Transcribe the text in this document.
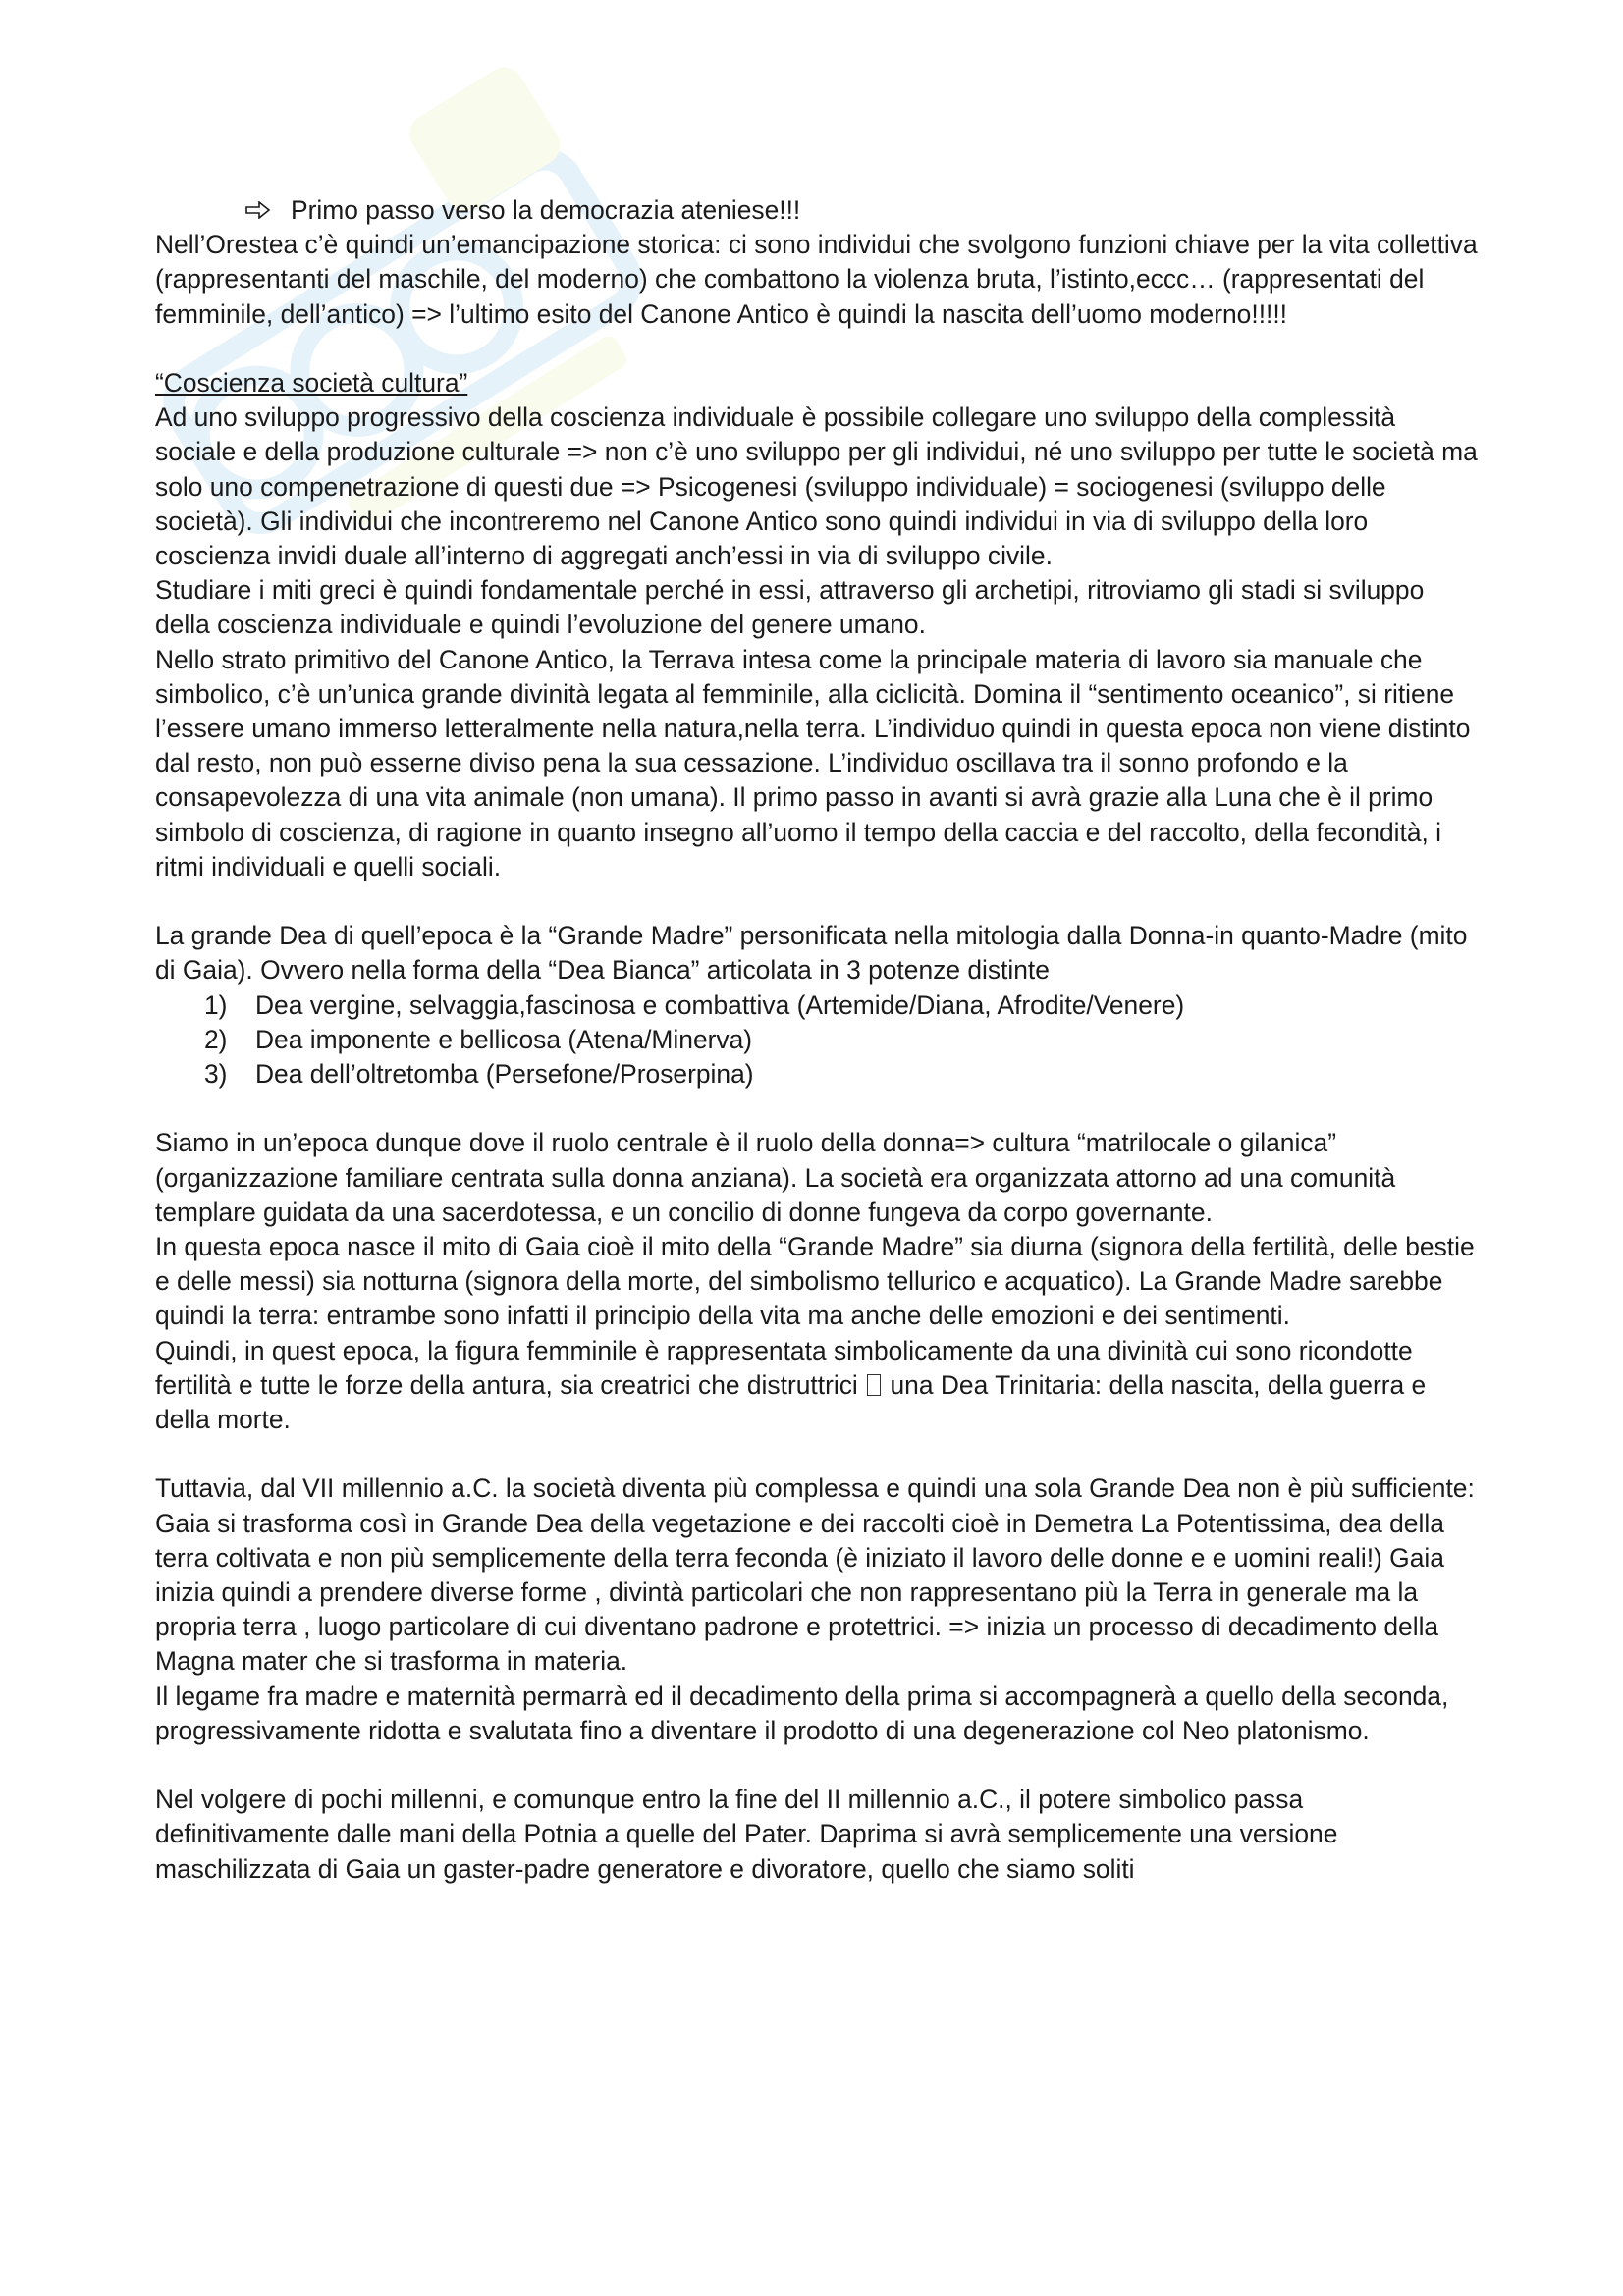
Primo passo verso la democrazia ateniese!!!

Nell’Orestea c’è quindi un’emancipazione storica: ci sono individui che svolgono funzioni chiave per la vita collettiva (rappresentanti del maschile, del moderno) che combattono la violenza bruta, l’istinto,eccc… (rappresentati del femminile, dell’antico) => l’ultimo esito del Canone Antico è quindi la nascita dell’uomo moderno!!!!!

“Coscienza società cultura”

Ad uno sviluppo progressivo della coscienza individuale è possibile collegare uno sviluppo della complessità sociale e della produzione culturale => non c’è uno sviluppo per gli individui, né uno sviluppo per tutte le società ma solo uno compenetrazione di questi due => Psicogenesi (sviluppo individuale) = sociogenesi (sviluppo delle società). Gli individui che incontreremo nel Canone Antico sono quindi individui in via di sviluppo della loro coscienza invidi duale all’interno di aggregati anch’essi in via di sviluppo civile.

Studiare i miti greci è quindi fondamentale perché in essi, attraverso gli archetipi, ritroviamo gli stadi si sviluppo della coscienza individuale e quindi l’evoluzione del genere umano.

Nello strato primitivo del Canone Antico, la Terrava intesa come la principale materia di lavoro sia manuale che simbolico, c’è un’unica grande divinità legata al femminile, alla ciclicità. Domina il “sentimento oceanico”, si ritiene l’essere umano immerso letteralmente nella natura,nella terra. L’individuo quindi in questa epoca non viene distinto dal resto, non può esserne diviso pena la sua cessazione. L’individuo oscillava tra il sonno profondo e la consapevolezza di una vita animale (non umana). Il primo passo in avanti si avrà grazie alla Luna che è il primo simbolo di coscienza, di ragione in quanto insegno all’uomo il tempo della caccia e del raccolto, della fecondità, i ritmi individuali e quelli sociali.

La grande Dea di quell’epoca è la “Grande Madre” personificata nella mitologia dalla Donna-in quanto-Madre (mito di Gaia). Ovvero nella forma della “Dea Bianca” articolata in 3 potenze distinte

1) Dea vergine, selvaggia,fascinosa e combattiva (Artemide/Diana, Afrodite/Venere)
2) Dea imponente e bellicosa (Atena/Minerva)
3) Dea dell’oltretomba (Persefone/Proserpina)

Siamo in un’epoca dunque dove il ruolo centrale è il ruolo della donna=> cultura “matrilocale o gilanica” (organizzazione familiare centrata sulla donna anziana). La società era organizzata attorno ad una comunità templare guidata da una sacerdotessa, e un concilio di donne fungeva da corpo governante.

In questa epoca nasce il mito di Gaia cioè il mito della “Grande Madre” sia diurna (signora della fertilità, delle bestie e delle messi) sia notturna (signora della morte, del simbolismo tellurico e acquatico). La Grande Madre sarebbe quindi la terra: entrambe sono infatti il principio della vita ma anche delle emozioni e dei sentimenti.

Quindi, in quest epoca, la figura femminile è rappresentata simbolicamente da una divinità cui sono ricondotte fertilità e tutte le forze della antura, sia creatrici che distruttrici una Dea Trinitaria: della nascita, della guerra e della morte.

Tuttavia, dal VII millennio a.C. la società diventa più complessa e quindi una sola Grande Dea non è più sufficiente: Gaia si trasforma così in Grande Dea della vegetazione e dei raccolti cioè in Demetra La Potentissima, dea della terra coltivata e non più semplicemente della terra feconda (è iniziato il lavoro delle donne e e uomini reali!) Gaia inizia quindi a prendere diverse forme , divintà particolari che non rappresentano più la Terra in generale ma la propria terra , luogo particolare di cui diventano padrone e protettrici. => inizia un processo di decadimento della Magna mater che si trasforma in materia.

Il legame fra madre e maternità permarrà ed il decadimento della prima si accompagnerà a quello della seconda, progressivamente ridotta e svalutata fino a diventare il prodotto di una degenerazione col Neo platonismo.

Nel volgere di pochi millenni, e comunque entro la fine del II millennio a.C., il potere simbolico passa definitivamente dalle mani della Potnia a quelle del Pater. Daprima si avrà semplicemente una versione maschilizzata di Gaia un gaster-padre generatore e divoratore, quello che siamo soliti
